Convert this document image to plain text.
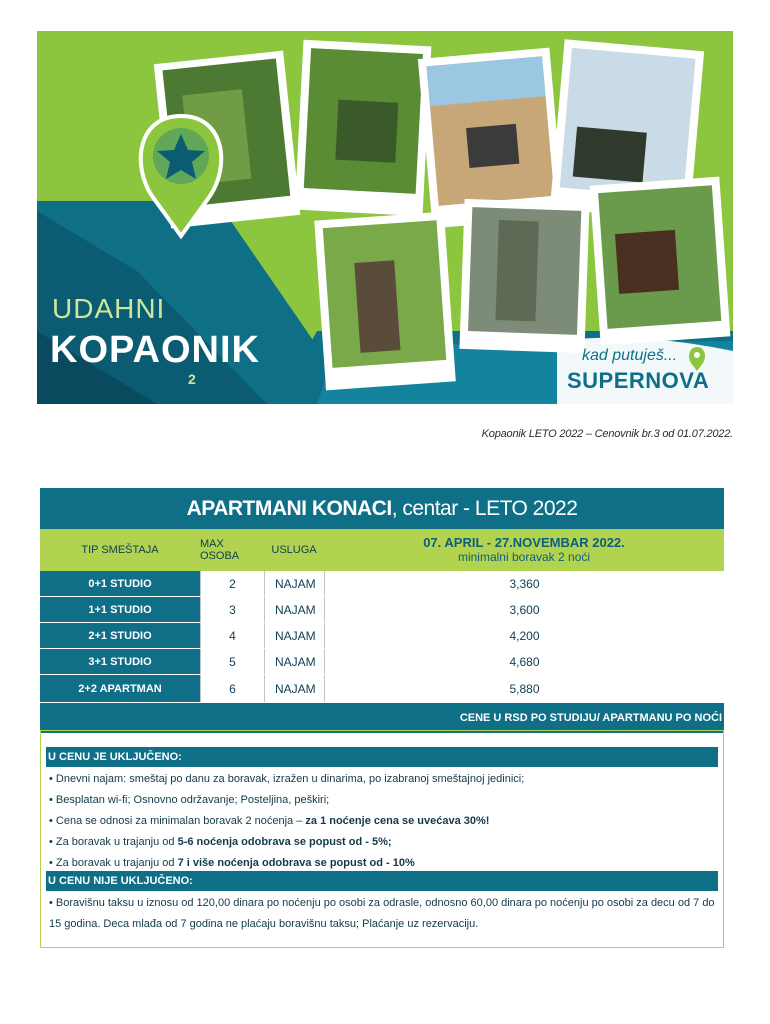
UDAHNI
KOPAONIK
2
kad putuješ...
SUPERNOVA
Kopaonik LETO 2022 – Cenovnik br.3 od 01.07.2022.
APARTMANI KONACI, centar - LETO 2022
TIP SMEŠTAJA	MAX OSOBA	USLUGA	07. APRIL - 27.NOVEMBAR 2022.
minimalni boravak 2 noći
0+1 STUDIO	2	NAJAM	3,360
1+1 STUDIO	3	NAJAM	3,600
2+1 STUDIO	4	NAJAM	4,200
3+1 STUDIO	5	NAJAM	4,680
2+2 APARTMAN	6	NAJAM	5,880
CENE U RSD PO STUDIJU/ APARTMANU PO NOĆI
U CENU JE UKLJUČENO:

• Dnevni najam: smeštaj po danu za boravak, izražen u dinarima, po izabranoj smeštajnoj jedinici;

• Besplatan wi-fi; Osnovno održavanje; Posteljina, peškiri;

• Cena se odnosi za minimalan boravak 2 noćenja – za 1 noćenje cena se uvećava 30%!

• Za boravak u trajanju od 5-6 noćenja odobrava se popust od - 5%;

• Za boravak u trajanju od 7 i više noćenja odobrava se popust od - 10%

U CENU NIJE UKLJUČENO:
• Boravišnu taksu u iznosu od 120,00 dinara po noćenju po osobi za odrasle, odnosno 60,00 dinara po noćenju po osobi za decu od 7 do 15 godina. Deca mlađa od 7 godina ne plaćaju boravišnu taksu; Plaćanje uz rezervaciju.
